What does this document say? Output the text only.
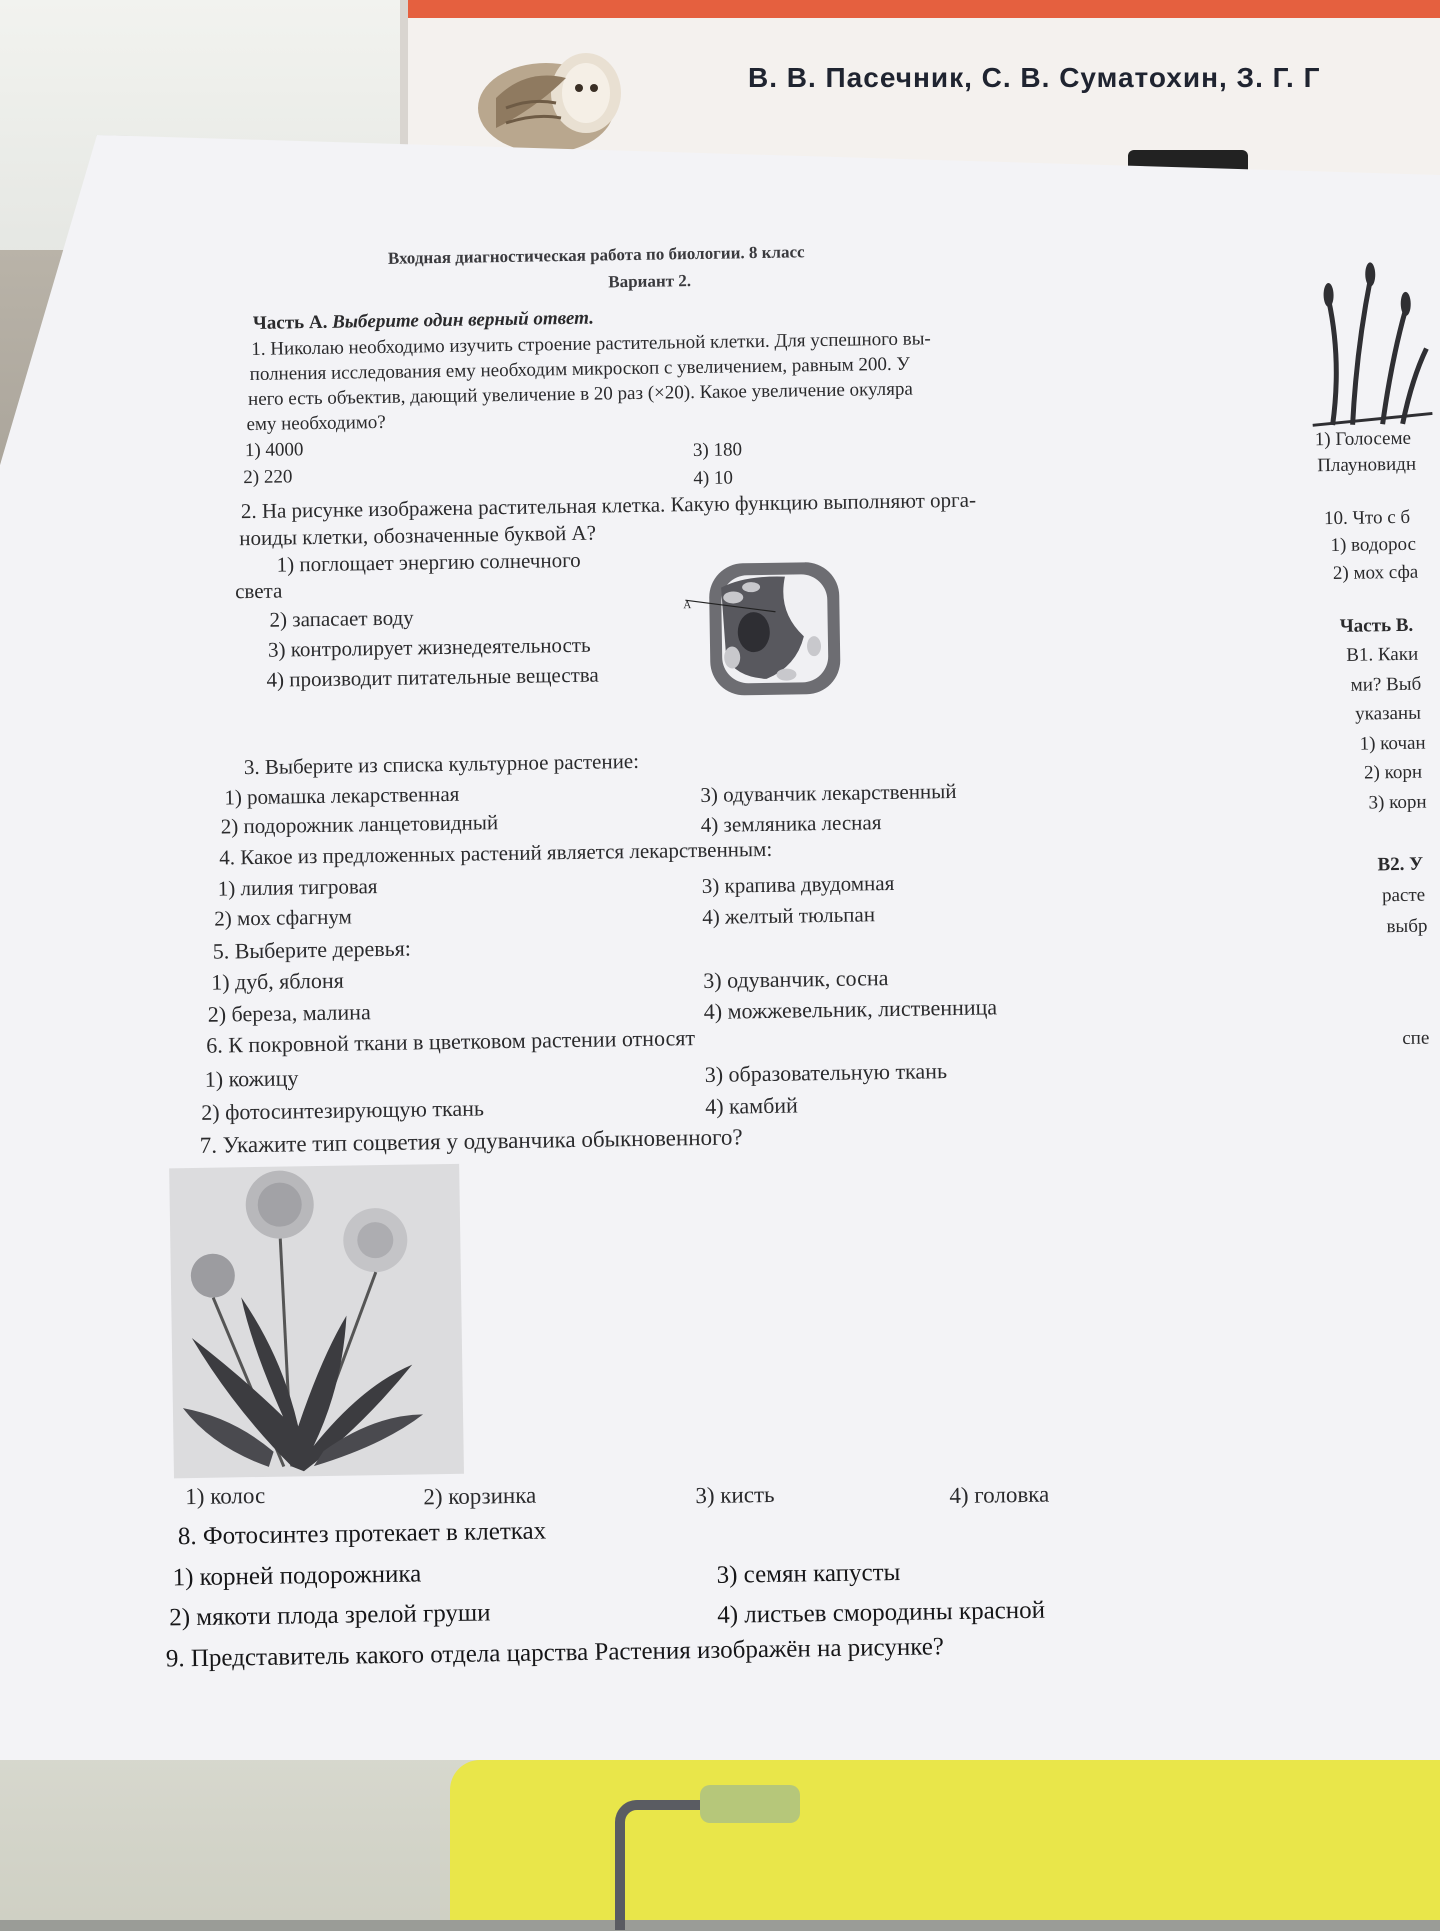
В. В. Пасечник, С. В. Суматохин, З. Г. Г
Входная диагностическая работа по биологии. 8 класс
Вариант 2.
Часть А. Выберите один верный ответ.
1. Николаю необходимо изучить строение растительной клетки. Для успешного вы-
полнения исследования ему необходим микроскоп с увеличением, равным 200. У
него есть объектив, дающий увеличение в 20 раз (×20). Какое увеличение окуляра
ему необходимо?
1) 4000
2) 220
3) 180
4) 10
2. На рисунке изображена растительная клетка. Какую функцию выполняют орга-
ноиды клетки, обозначенные буквой А?
1) поглощает энергию солнечного
света
2) запасает воду
3) контролирует жизнедеятельность
4) производит питательные вещества
А
3. Выберите из списка культурное растение:
1) ромашка лекарственная
2) подорожник ланцетовидный
3) одуванчик лекарственный
4) земляника лесная
4. Какое из предложенных растений является лекарственным:
1) лилия тигровая
2) мох сфагнум
3) крапива двудомная
4) желтый тюльпан
5. Выберите деревья:
1) дуб, яблоня
2) береза, малина
3) одуванчик, сосна
4) можжевельник, лиственница
6. К покровной ткани в цветковом растении относят
1) кожицу
2) фотосинтезирующую ткань
3) образовательную ткань
4) камбий
7. Укажите тип соцветия у одуванчика обыкновенного?
1) колос	2) корзинка	3) кисть	4) головка
8. Фотосинтез протекает в клетках
1) корней подорожника
2) мякоти плода зрелой груши
3) семян капусты
4) листьев смородины красной
9. Представитель какого отдела царства Растения изображён на рисунке?
1) Голосеме
Плауновидн
10. Что с б
1) водорос
2) мох сфа
Часть В.
В1. Каки
ми? Выб
указаны
1) кочан
2) корн
3) корн
В2. У
расте
выбр
спе
